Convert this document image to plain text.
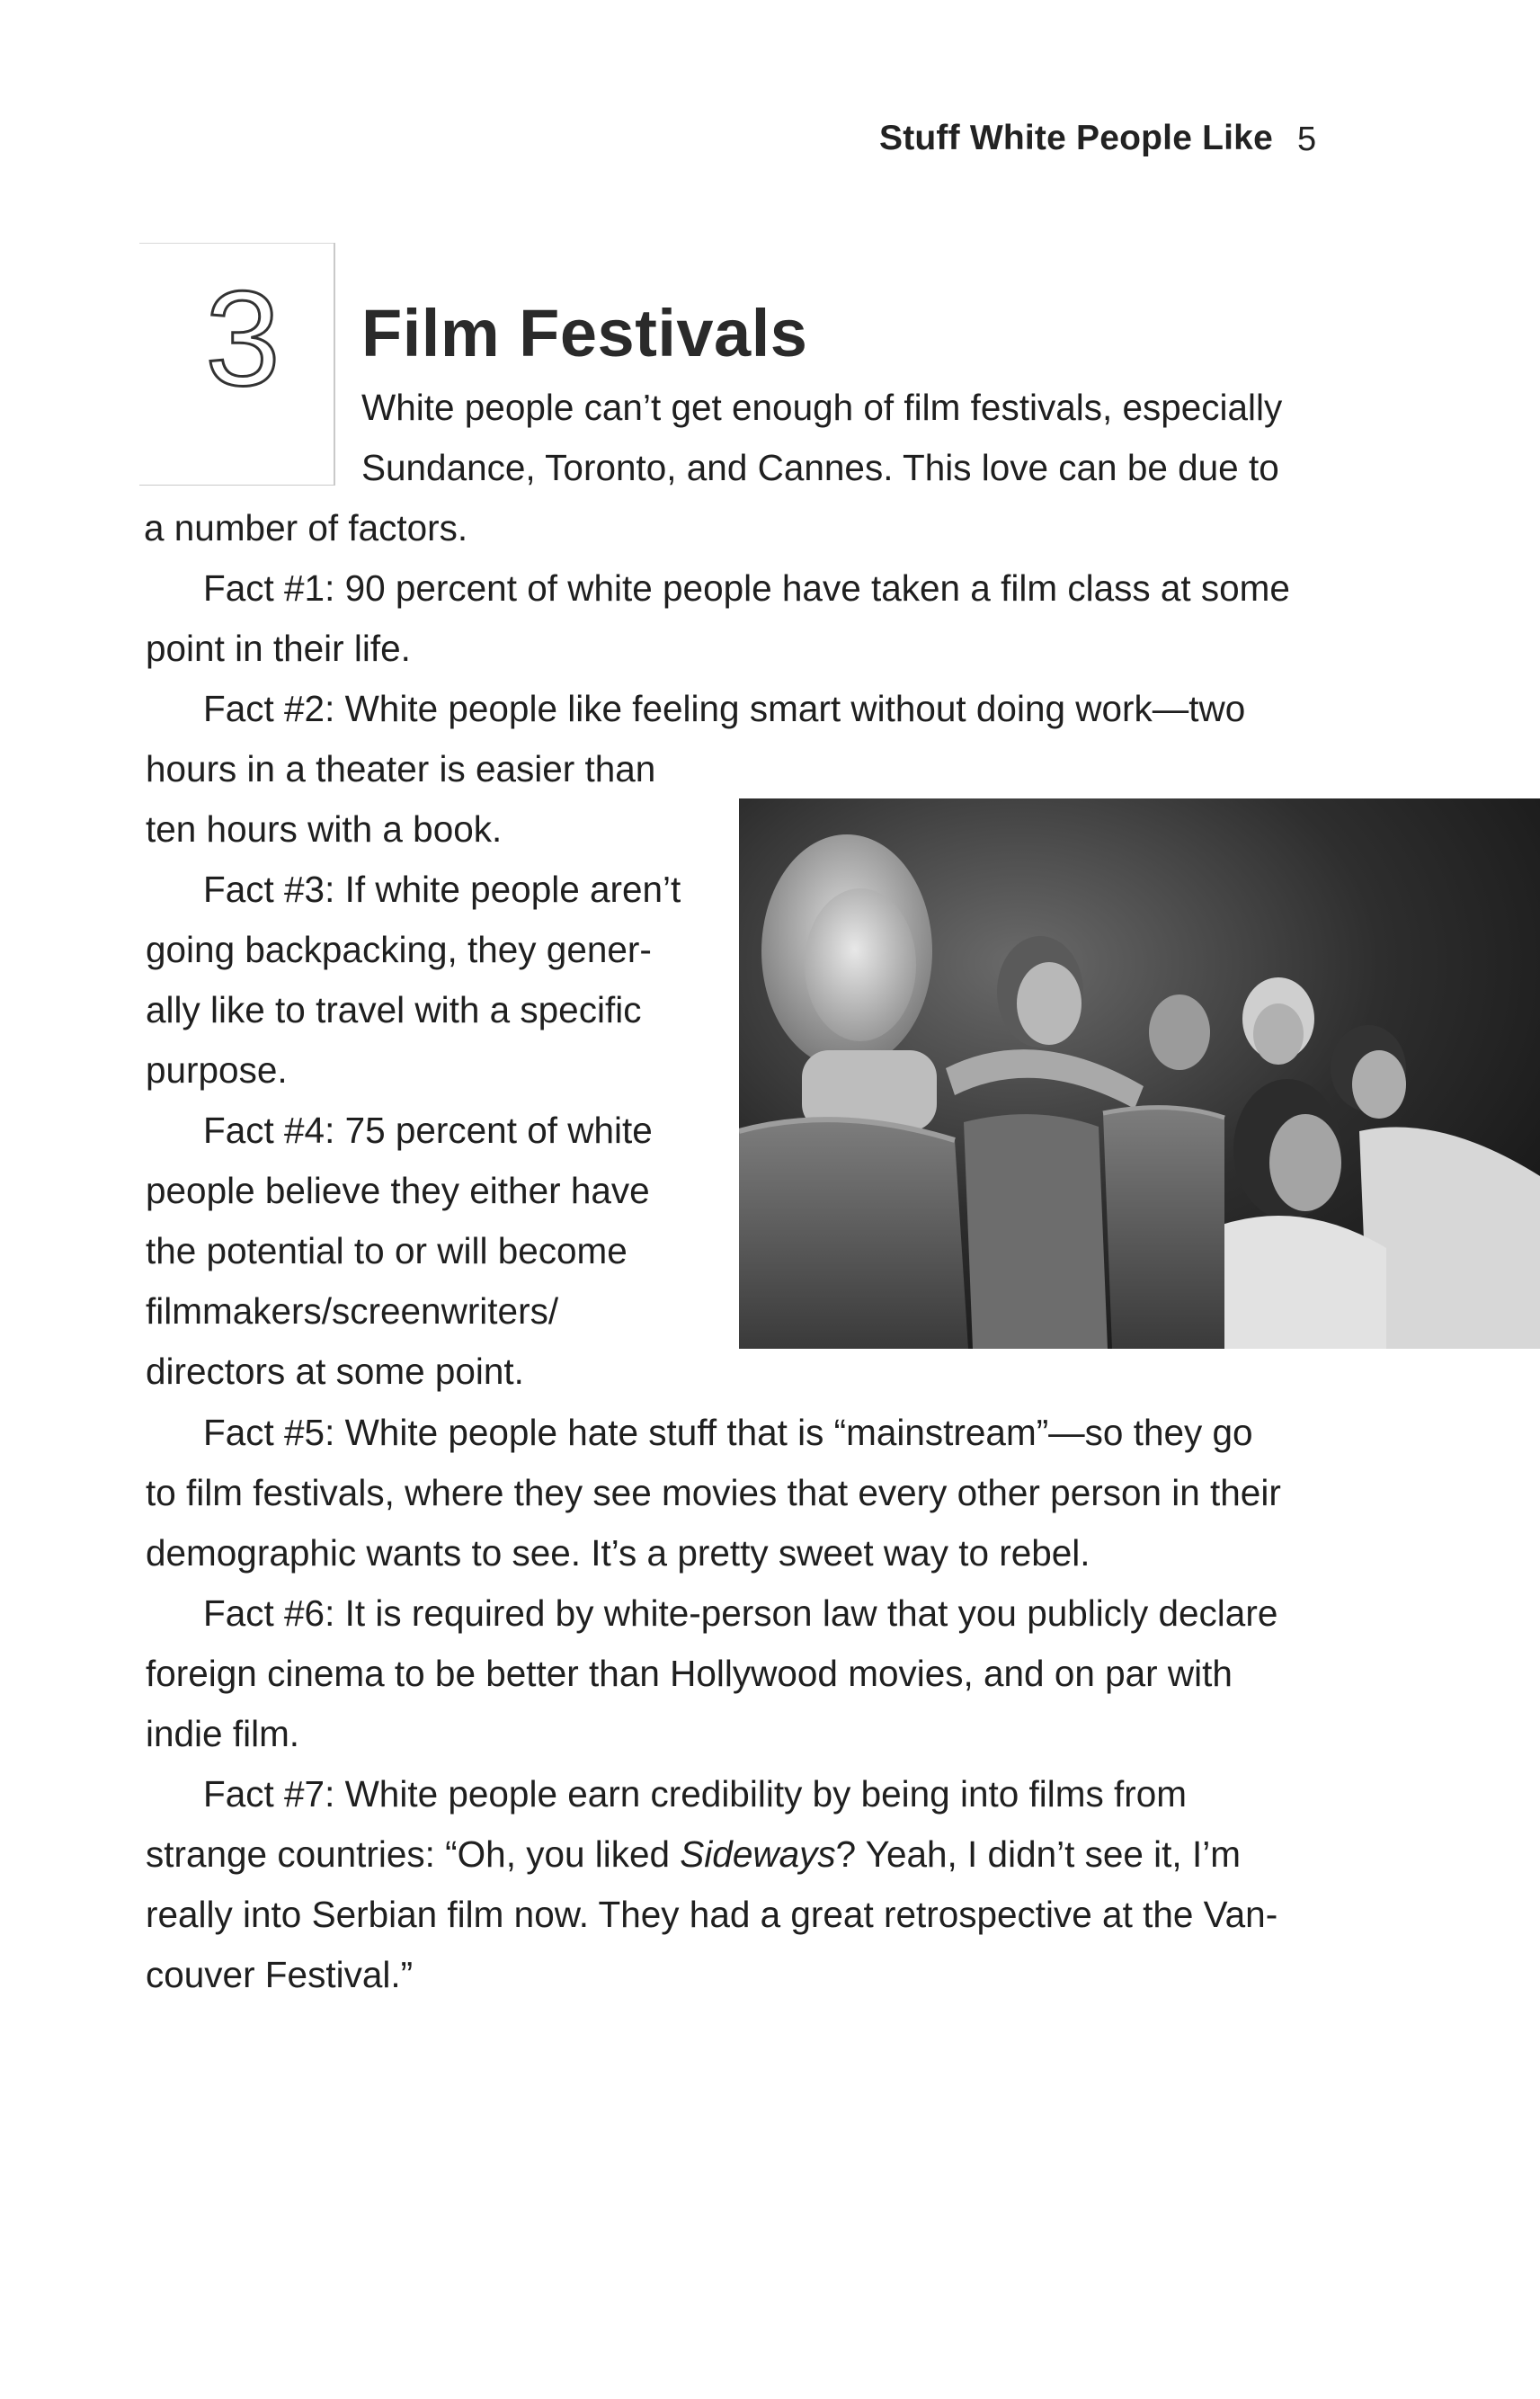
Stuff White People Like 5
3 Film Festivals

White people can’t get enough of film festivals, especially

Sundance, Toronto, and Cannes. This love can be due to

a number of factors.

Fact #1: 90 percent of white people have taken a film class at some

point in their life.

Fact #2: White people like feeling smart without doing work—two

hours in a theater is easier than

ten hours with a book.

Fact #3: If white people aren’t

going backpacking, they gener-

ally like to travel with a specific

purpose.

Fact #4: 75 percent of white

people believe they either have

the potential to or will become

filmmakers/screenwriters/

directors at some point.

Fact #5: White people hate stuff that is “mainstream”—so they go

to film festivals, where they see movies that every other person in their

demographic wants to see. It’s a pretty sweet way to rebel.

Fact #6: It is required by white-person law that you publicly declare

foreign cinema to be better than Hollywood movies, and on par with

indie film.

Fact #7: White people earn credibility by being into films from

strange countries: “Oh, you liked Sideways? Yeah, I didn’t see it, I’m

really into Serbian film now. They had a great retrospective at the Van-

couver Festival.”
